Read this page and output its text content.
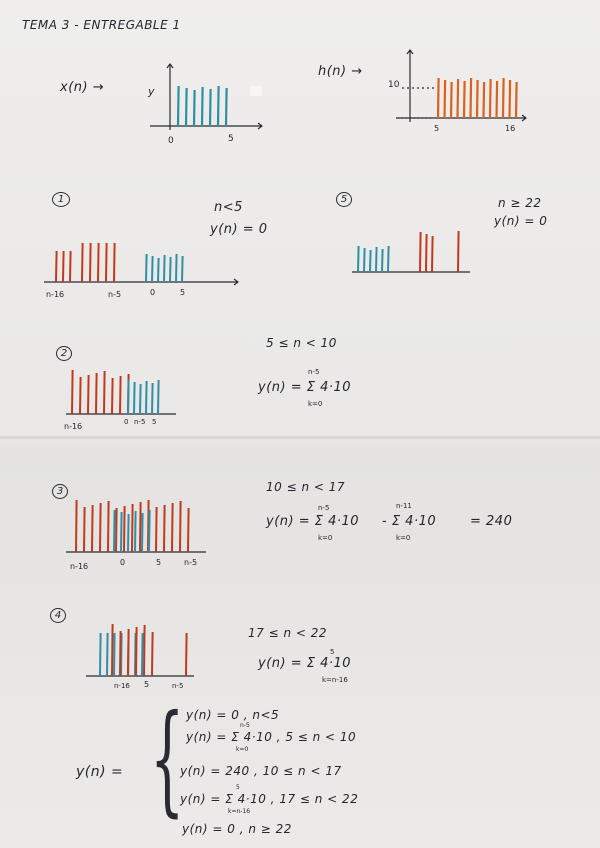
TEMA 3 - ENTREGABLE 1
x(n) →	y
0	5
h(n) →
10
5	16
1
n<5
y(n) = 0
n-16	n-5	0	5
5	n ≥ 22
y(n) = 0
2
5 ≤ n < 10
n-5
y(n) = Σ 4·10
k=0
n-16	0 n-5 5
3	10 ≤ n < 17
n-5
y(n) = Σ 4·10
k=0
n-11
- Σ 4·10
k=0
= 240
n-16	0	5	n-5
4
17 ≤ n < 22
5
y(n) = Σ 4·10
k=n-16
n-16 5	n-5
y(n) = { y(n) = 0 , n<5
n-5
y(n) = Σ 4·10 , 5 ≤ n < 10
k=0
y(n) = 240 , 10 ≤ n < 17
5
y(n) = Σ 4·10 , 17 ≤ n < 22
k=n-16
y(n) = 0 , n ≥ 22
